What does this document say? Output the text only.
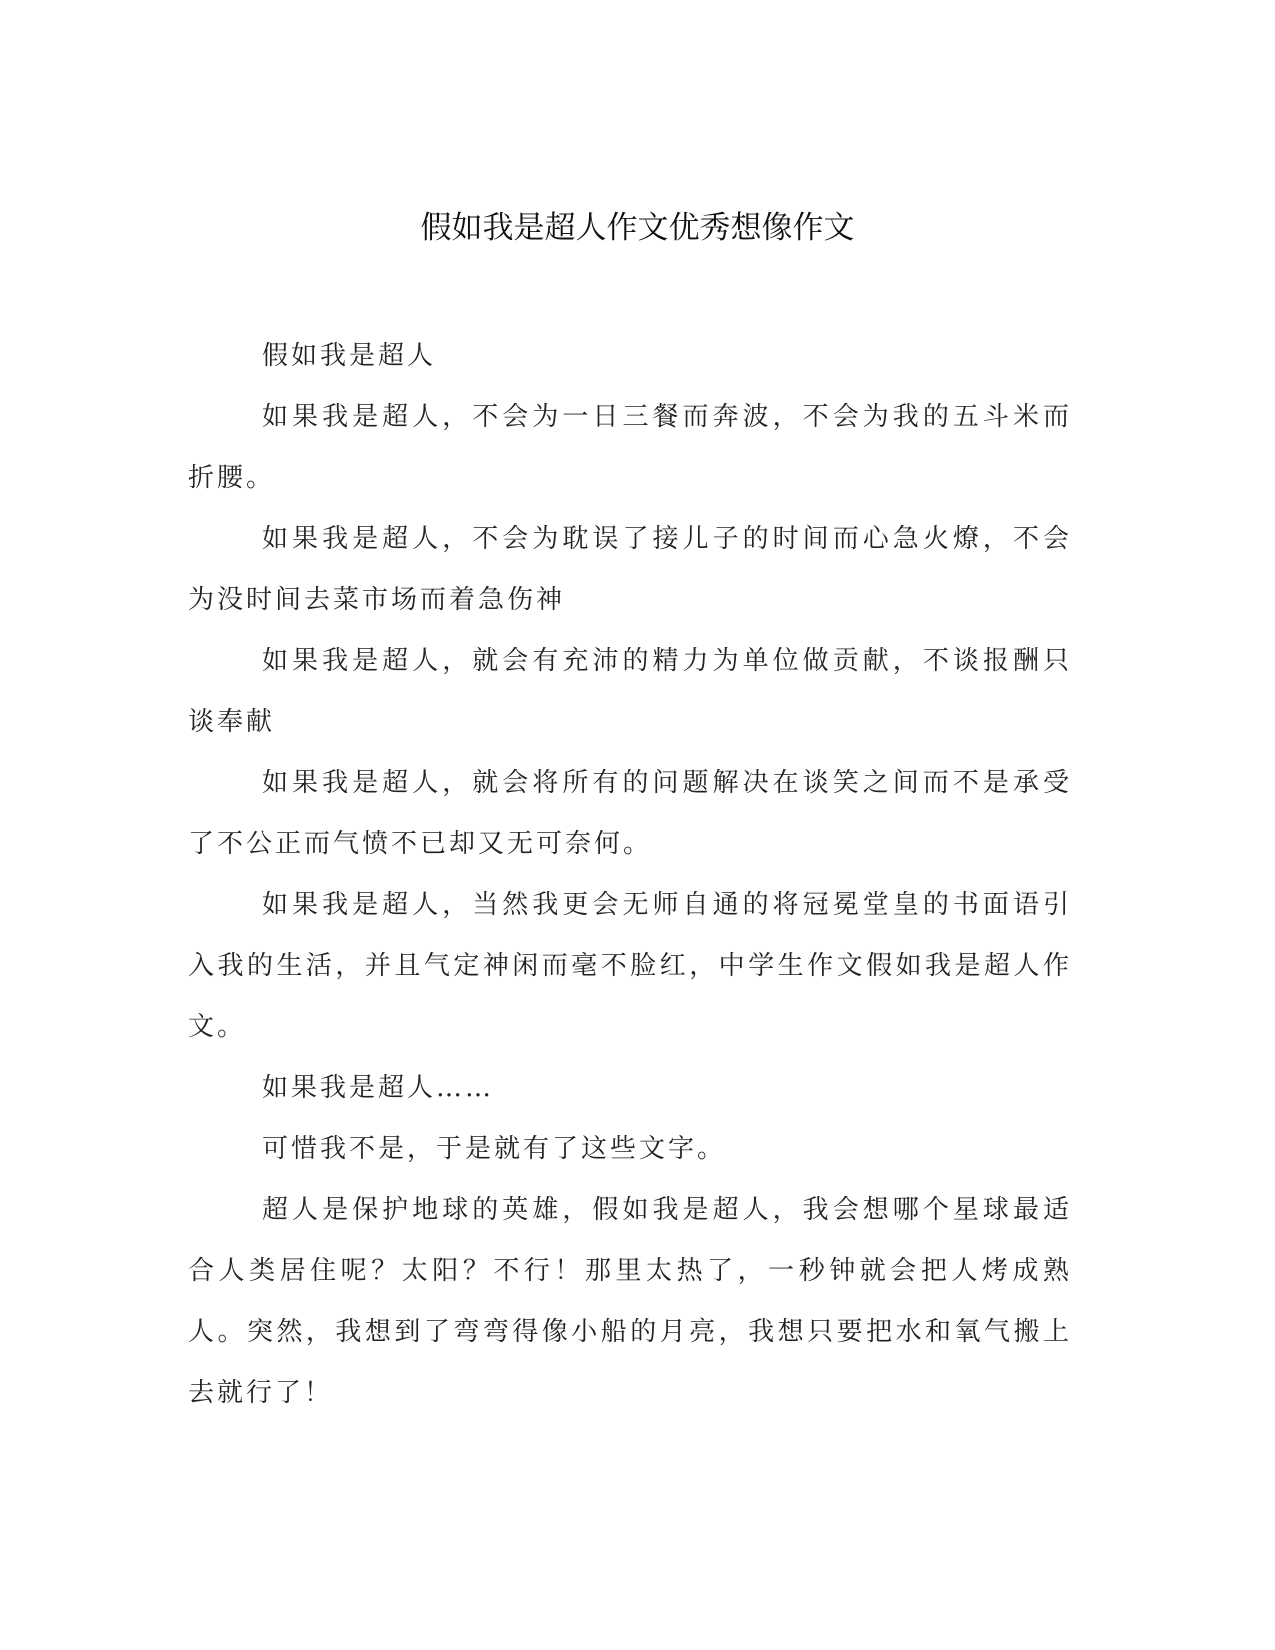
假如我是超人作文优秀想像作文

假如我是超人

如果我是超人，不会为一日三餐而奔波，不会为我的五斗米而折腰。

如果我是超人，不会为耽误了接儿子的时间而心急火燎，不会为没时间去菜市场而着急伤神

如果我是超人，就会有充沛的精力为单位做贡献，不谈报酬只谈奉献

如果我是超人，就会将所有的问题解决在谈笑之间而不是承受了不公正而气愤不已却又无可奈何。

如果我是超人，当然我更会无师自通的将冠冕堂皇的书面语引入我的生活，并且气定神闲而毫不脸红，中学生作文假如我是超人作文。

如果我是超人……

可惜我不是，于是就有了这些文字。

超人是保护地球的英雄，假如我是超人，我会想哪个星球最适合人类居住呢？太阳？不行！那里太热了，一秒钟就会把人烤成熟人。突然，我想到了弯弯得像小船的月亮，我想只要把水和氧气搬上去就行了！
